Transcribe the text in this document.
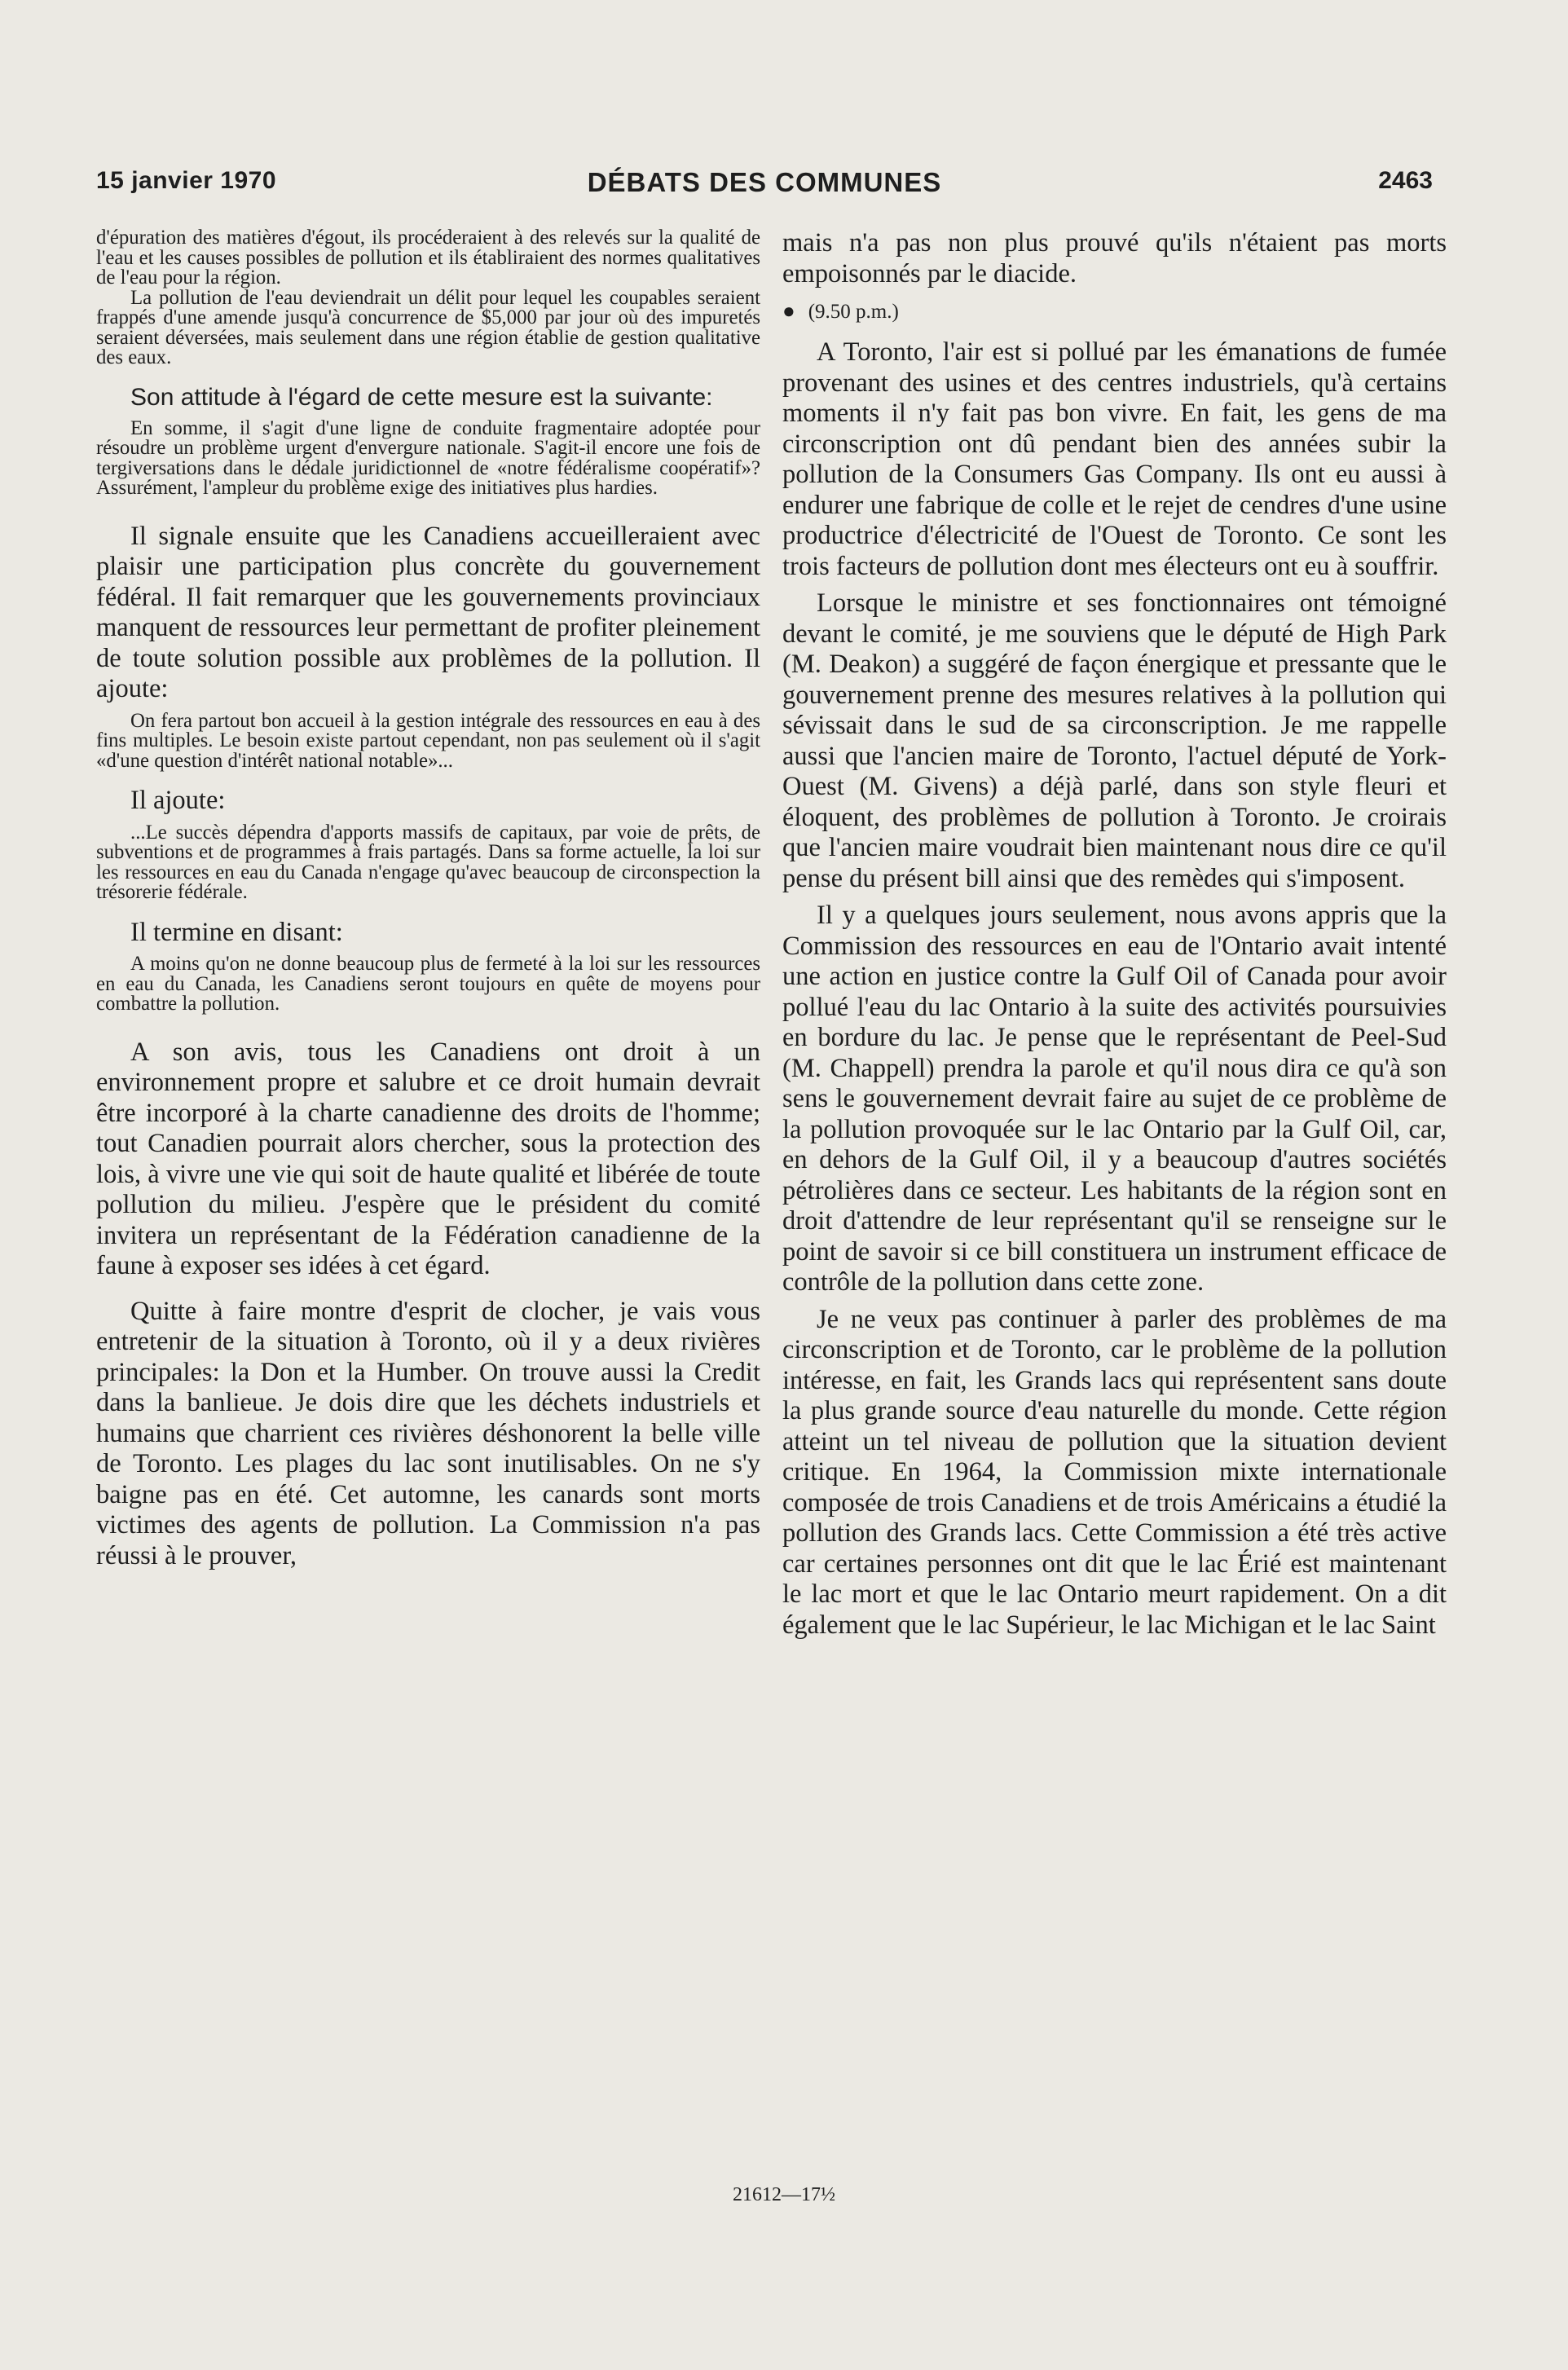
15 janvier 1970	DÉBATS DES COMMUNES	2463

d'épuration des matières d'égout, ils procéderaient à des relevés sur la qualité de l'eau et les causes possibles de pollution et ils établiraient des normes qualitatives de l'eau pour la région.

La pollution de l'eau deviendrait un délit pour lequel les coupables seraient frappés d'une amende jusqu'à concurrence de $5,000 par jour où des impuretés seraient déversées, mais seulement dans une région établie de gestion qualitative des eaux.

Son attitude à l'égard de cette mesure est la suivante:

En somme, il s'agit d'une ligne de conduite fragmentaire adoptée pour résoudre un problème urgent d'envergure nationale. S'agit-il encore une fois de tergiversations dans le dédale juridictionnel de «notre fédéralisme coopératif»? Assurément, l'ampleur du problème exige des initiatives plus hardies.

Il signale ensuite que les Canadiens accueilleraient avec plaisir une participation plus concrète du gouvernement fédéral. Il fait remarquer que les gouvernements provinciaux manquent de ressources leur permettant de profiter pleinement de toute solution possible aux problèmes de la pollution. Il ajoute:

On fera partout bon accueil à la gestion intégrale des ressources en eau à des fins multiples. Le besoin existe partout cependant, non pas seulement où il s'agit «d'une question d'intérêt national notable»...

Il ajoute:

...Le succès dépendra d'apports massifs de capitaux, par voie de prêts, de subventions et de programmes à frais partagés. Dans sa forme actuelle, la loi sur les ressources en eau du Canada n'engage qu'avec beaucoup de circonspection la trésorerie fédérale.

Il termine en disant:

A moins qu'on ne donne beaucoup plus de fermeté à la loi sur les ressources en eau du Canada, les Canadiens seront toujours en quête de moyens pour combattre la pollution.

A son avis, tous les Canadiens ont droit à un environnement propre et salubre et ce droit humain devrait être incorporé à la charte canadienne des droits de l'homme; tout Canadien pourrait alors chercher, sous la protection des lois, à vivre une vie qui soit de haute qualité et libérée de toute pollution du milieu. J'espère que le président du comité invitera un représentant de la Fédération canadienne de la faune à exposer ses idées à cet égard.

Quitte à faire montre d'esprit de clocher, je vais vous entretenir de la situation à Toronto, où il y a deux rivières principales: la Don et la Humber. On trouve aussi la Credit dans la banlieue. Je dois dire que les déchets industriels et humains que charrient ces rivières déshonorent la belle ville de Toronto. Les plages du lac sont inutilisables. On ne s'y baigne pas en été. Cet automne, les canards sont morts victimes des agents de pollution. La Commission n'a pas réussi à le prouver,

mais n'a pas non plus prouvé qu'ils n'étaient pas morts empoisonnés par le diacide.

● (9.50 p.m.)

A Toronto, l'air est si pollué par les émanations de fumée provenant des usines et des centres industriels, qu'à certains moments il n'y fait pas bon vivre. En fait, les gens de ma circonscription ont dû pendant bien des années subir la pollution de la Consumers Gas Company. Ils ont eu aussi à endurer une fabrique de colle et le rejet de cendres d'une usine productrice d'électricité de l'Ouest de Toronto. Ce sont les trois facteurs de pollution dont mes électeurs ont eu à souffrir.

Lorsque le ministre et ses fonctionnaires ont témoigné devant le comité, je me souviens que le député de High Park (M. Deakon) a suggéré de façon énergique et pressante que le gouvernement prenne des mesures relatives à la pollution qui sévissait dans le sud de sa circonscription. Je me rappelle aussi que l'ancien maire de Toronto, l'actuel député de York-Ouest (M. Givens) a déjà parlé, dans son style fleuri et éloquent, des problèmes de pollution à Toronto. Je croirais que l'ancien maire voudrait bien maintenant nous dire ce qu'il pense du présent bill ainsi que des remèdes qui s'imposent.

Il y a quelques jours seulement, nous avons appris que la Commission des ressources en eau de l'Ontario avait intenté une action en justice contre la Gulf Oil of Canada pour avoir pollué l'eau du lac Ontario à la suite des activités poursuivies en bordure du lac. Je pense que le représentant de Peel-Sud (M. Chappell) prendra la parole et qu'il nous dira ce qu'à son sens le gouvernement devrait faire au sujet de ce problème de la pollution provoquée sur le lac Ontario par la Gulf Oil, car, en dehors de la Gulf Oil, il y a beaucoup d'autres sociétés pétrolières dans ce secteur. Les habitants de la région sont en droit d'attendre de leur représentant qu'il se renseigne sur le point de savoir si ce bill constituera un instrument efficace de contrôle de la pollution dans cette zone.

Je ne veux pas continuer à parler des problèmes de ma circonscription et de Toronto, car le problème de la pollution intéresse, en fait, les Grands lacs qui représentent sans doute la plus grande source d'eau naturelle du monde. Cette région atteint un tel niveau de pollution que la situation devient critique. En 1964, la Commission mixte internationale composée de trois Canadiens et de trois Américains a étudié la pollution des Grands lacs. Cette Commission a été très active car certaines personnes ont dit que le lac Érié est maintenant le lac mort et que le lac Ontario meurt rapidement. On a dit également que le lac Supérieur, le lac Michigan et le lac Saint

21612—17½
